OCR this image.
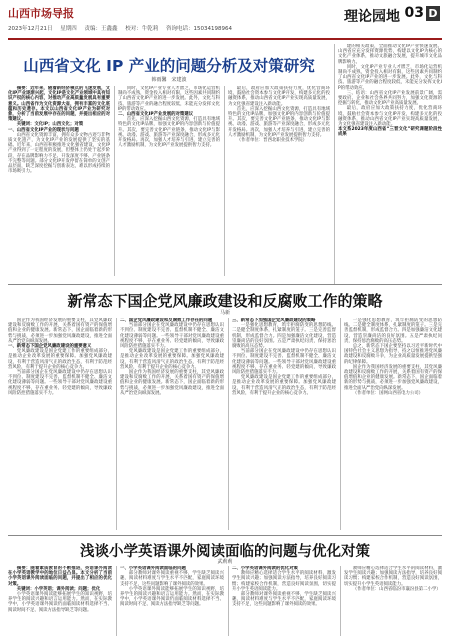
山西市场导报
2023年12月21日 星期四 责编：王鑫鑫 校对：牛乾莉 咨询电话：15034198964
理论园地 03 D
山西省文化 IP 产业的问题分析及对策研究
韩雨馨　宋建波

摘要：近年来，随着新经济模式的飞速发展，文化IP产业逐渐兴起，文化IP是文化产业领域中具有知识产权的核心内容，对推动产业高质量发展具有重要意义。山西省作为文化资源大省，拥有丰富的文化底蕴和历史遗存。本文以山西省文化IP产业为研究对象，分析了当前发展中存在的问题，并提出相应的对策建议。

关键词：文化IP；山西文化；对策

一、山西省文化IP产业的现状与问题

山西省文化资源丰富，拥有众多文物古迹与非物质文化遗产，为文化IP产业的发展提供了坚实的基础。近年来，山西省积极推进文化强省建设，文化IP产业得到了一定程度的发展，但整体上仍处于起步阶段，存在品牌影响力不足、开发深度不够、产业链条不完整等问题。部分文化IP开发停留在简单的文创产品层面，缺乏深度挖掘与创新表达，难以形成持续的市场吸引力。

同时，文化IP产业专业人才匮乏，市场化运营机制尚不成熟，资金投入相对有限，这些因素共同制约了山西省文化IP产业的进一步发展。此外，文化与科技、旅游等产业的融合程度较低，未能充分发挥文化IP的带动效应。

二、山西省文化IP产业发展的对策建议

首先，应深入挖掘山西文化资源，打造具有地域特色的文化IP品牌，加强文化IP的内容创新与价值提升。其次，要完善文化IP产业链条，推动文化IP与影视、动漫、游戏、旅游等产业深度融合，形成多元化开发格局。再次，加强人才培养与引进，建立完善的人才激励机制，为文化IP产业发展提供智力支持。

最后，政府应加大政策扶持力度，优化营商环境，鼓励社会资本参与文化IP开发，构建多元化的投融资体系，推动山西省文化IP产业实现高质量发展，为文化强省建设注入新动能。

首先，应深入挖掘山西文化资源，打造具有地域特色的文化IP品牌，加强文化IP的内容创新与价值提升。其次，要完善文化IP产业链条，推动文化IP与影视、动漫、游戏、旅游等产业深度融合，形成多元化开发格局。再次，加强人才培养与引进，建立完善的人才激励机制，为文化IP产业发展提供智力支持。

（作者单位：晋西北职业技术学院）

建的相关政策，全面推动文化IP产业快速发展。山西省应充分发挥资源优势，构建以文化IP为核心的文化产业体系，推动文旅融合发展，提升城市文化品牌影响力。

同时，文化IP产业专业人才匮乏，市场化运营机制尚不成熟，资金投入相对有限，这些因素共同制约了山西省文化IP产业的进一步发展。此外，文化与科技、旅游等产业的融合程度较低，未能充分发挥文化IP的带动效应。

三、结语：山西省文化IP产业发展前景广阔，需要政府、企业和社会各界共同努力，加强文化资源的挖掘与转化，推动文化IP产业高质量发展。

最后，政府应加大政策扶持力度，优化营商环境，鼓励社会资本参与文化IP开发，构建多元化的投融资体系，推动山西省文化IP产业实现高质量发展，为文化强省建设注入新动能。

本文系2023年度山西省“三晋文化”研究课题阶段性成果

新常态下国企党风廉政建设和反腐败工作的策略
马新

国企作为我国经济发展的重要支柱，其党风廉政建设和反腐败工作的开展，关系着国有资产的保值增值和企业的健康发展。新常态下，国企面临着新的形势与挑战，必须进一步加强党风廉政建设，推进全面从严治党向纵深发展。

一、新常态下国企党风廉政建设的重要意义

党风廉政建设是国企党建工作的重要组成部分，是推动企业改革发展的重要保障。加强党风廉政建设，有利于营造风清气正的政治生态，有利于防范经营风险，有利于提升企业的核心竞争力。

当前部分国企在党风廉政建设中仍存在思想认识不到位、制度建设不完善、监督机制不健全、廉洁文化建设薄弱等问题。一些领导干部对党风廉政建设重视程度不够，存在重业务、轻党建的倾向，导致廉政风险防控措施落实不力。

二、国企党风廉政建设和反腐败工作存在的问题

当前部分国企在党风廉政建设中仍存在思想认识不到位、制度建设不完善、监督机制不健全、廉洁文化建设薄弱等问题。一些领导干部对党风廉政建设重视程度不够，存在重业务、轻党建的倾向，导致廉政风险防控措施落实不力。

党风廉政建设是国企党建工作的重要组成部分，是推动企业改革发展的重要保障。加强党风廉政建设，有利于营造风清气正的政治生态，有利于防范经营风险，有利于提升企业的核心竞争力。

国企作为我国经济发展的重要支柱，其党风廉政建设和反腐败工作的开展，关系着国有资产的保值增值和企业的健康发展。新常态下，国企面临着新的形势与挑战，必须进一步加强党风廉政建设，推进全面从严治党向纵深发展。

三、新常态下加强国企党风廉政建设的策略

一是强化思想教育，筑牢拒腐防变的思想防线。二是健全制度体系，扎紧制度的笼子。三是完善监督机制，形成监督合力。四是加强廉洁文化建设，营造崇廉尚洁的良好氛围。五是严肃执纪问责，保持惩治腐败的高压态势。

当前部分国企在党风廉政建设中仍存在思想认识不到位、制度建设不完善、监督机制不健全、廉洁文化建设薄弱等问题。一些领导干部对党风廉政建设重视程度不够，存在重业务、轻党建的倾向，导致廉政风险防控措施落实不力。

党风廉政建设是国企党建工作的重要组成部分，是推动企业改革发展的重要保障。加强党风廉政建设，有利于营造风清气正的政治生态，有利于防范经营风险，有利于提升企业的核心竞争力。

一是强化思想教育，筑牢拒腐防变的思想防线。二是健全制度体系，扎紧制度的笼子。三是完善监督机制，形成监督合力。四是加强廉洁文化建设，营造崇廉尚洁的良好氛围。五是严肃执纪问责，保持惩治腐败的高压态势。

总之，新常态下国企要坚持以习近平新时代中国特色社会主义思想为指导，持之以恒推进党风廉政建设和反腐败斗争，为企业高质量发展提供坚强的纪律保障。

国企作为我国经济发展的重要支柱，其党风廉政建设和反腐败工作的开展，关系着国有资产的保值增值和企业的健康发展。新常态下，国企面临着新的形势与挑战，必须进一步加强党风廉政建设，推进全面从严治党向纵深发展。

（作者单位：国网山西省电力公司）

浅谈小学英语课外阅读面临的问题与优化对策
武莉莉

摘要：随着素质教育的不断推进，英语课外阅读在小学英语教学中的地位日益凸显。本文分析了当前小学英语课外阅读面临的问题，并提出了相应的优化对策。

关键词：小学英语；课外阅读；问题；优化

小学英语课外阅读能够拓展学生的知识视野，培养学生的阅读兴趣和语言运用能力。然而，在实际教学中，小学英语课外阅读仍面临阅读材料选择不当、阅读时间不足、阅读方法指导缺乏等问题。

一、小学英语课外阅读面临的问题

部分教师对课外阅读重视不够，学生缺乏阅读兴趣，阅读材料难度与学生水平不匹配，家庭阅读环境支持不足，这些问题影响了课外阅读的效果。

小学英语课外阅读能够拓展学生的知识视野，培养学生的阅读兴趣和语言运用能力。然而，在实际教学中，小学英语课外阅读仍面临阅读材料选择不当、阅读时间不足、阅读方法指导缺乏等问题。

二、小学英语课外阅读的优化对策

教师应精心选择适合学生水平的阅读材料，激发学生阅读兴趣；加强阅读方法指导，培养良好阅读习惯；构建家校合作机制，营造良好阅读氛围，切实提升小学生英语阅读能力。

部分教师对课外阅读重视不够，学生缺乏阅读兴趣，阅读材料难度与学生水平不匹配，家庭阅读环境支持不足，这些问题影响了课外阅读的效果。

教师应精心选择适合学生水平的阅读材料，激发学生阅读兴趣；加强阅读方法指导，培养良好阅读习惯；构建家校合作机制，营造良好阅读氛围，切实提升小学生英语阅读能力。

（作者单位：山西省临汾市襄汾县第二小学）
